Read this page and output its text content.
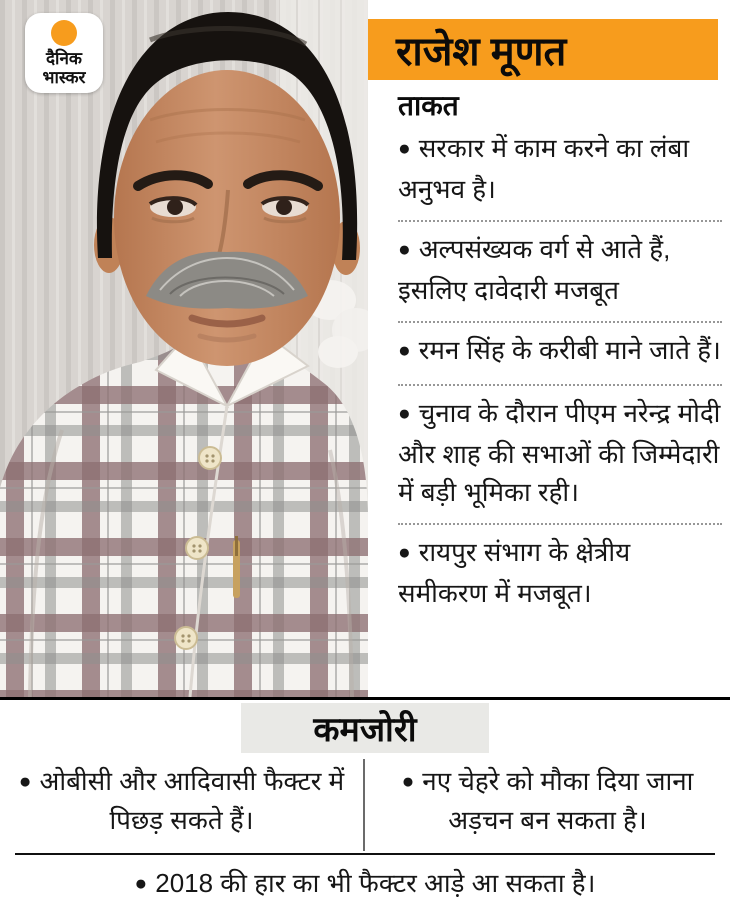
दैनिक
भास्कर
राजेश मूणत
ताकत
● सरकार में काम करने का लंबा अनुभव है।
● अल्पसंख्यक वर्ग से आते हैं, इसलिए दावेदारी मजबूत
● रमन सिंह के करीबी माने जाते हैं।
● चुनाव के दौरान पीएम नरेन्द्र मोदी और शाह की सभाओं की जिम्मेदारी में बड़ी भूमिका रही।
● रायपुर संभाग के क्षेत्रीय समीकरण में मजबूत।
कमजोरी
● ओबीसी और आदिवासी फैक्टर में पिछड़ सकते हैं।
● नए चेहरे को मौका दिया जाना अड़चन बन सकता है।
● 2018 की हार का भी फैक्टर आड़े आ सकता है।
